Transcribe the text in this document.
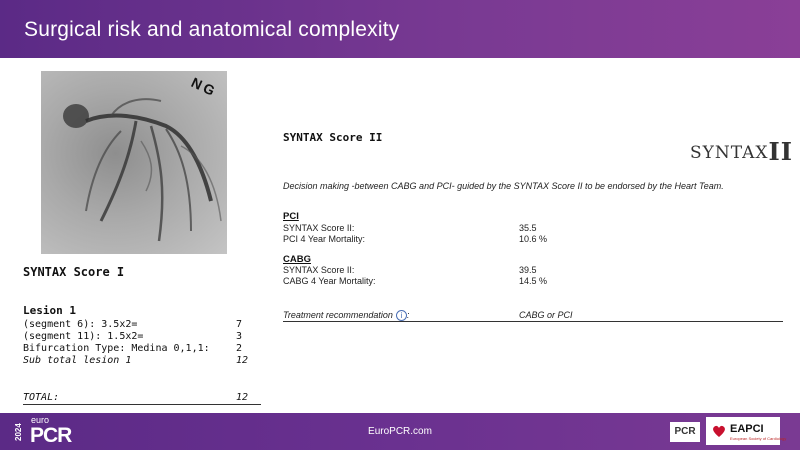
Surgical risk and anatomical complexity
NG
SYNTAX Score I
Lesion 1
(segment 6): 3.5x2=	7
(segment 11): 1.5x2=	3
Bifurcation Type: Medina 0,1,1:	2
Sub total lesion 1	12
TOTAL:	12
SYNTAX Score II
SYNTAXII
Decision making -between CABG and PCI- guided by the SYNTAX Score II to be endorsed by the Heart Team.
PCI
SYNTAX Score II:	35.5
PCI 4 Year Mortality:	10.6 %
CABG
SYNTAX Score II:	39.5
CABG 4 Year Mortality:	14.5 %
Treatment recommendation i :	CABG or PCI
2024
euro
PCR	EuroPCR.com	PCR	EAPCI
European Society of Cardiology
